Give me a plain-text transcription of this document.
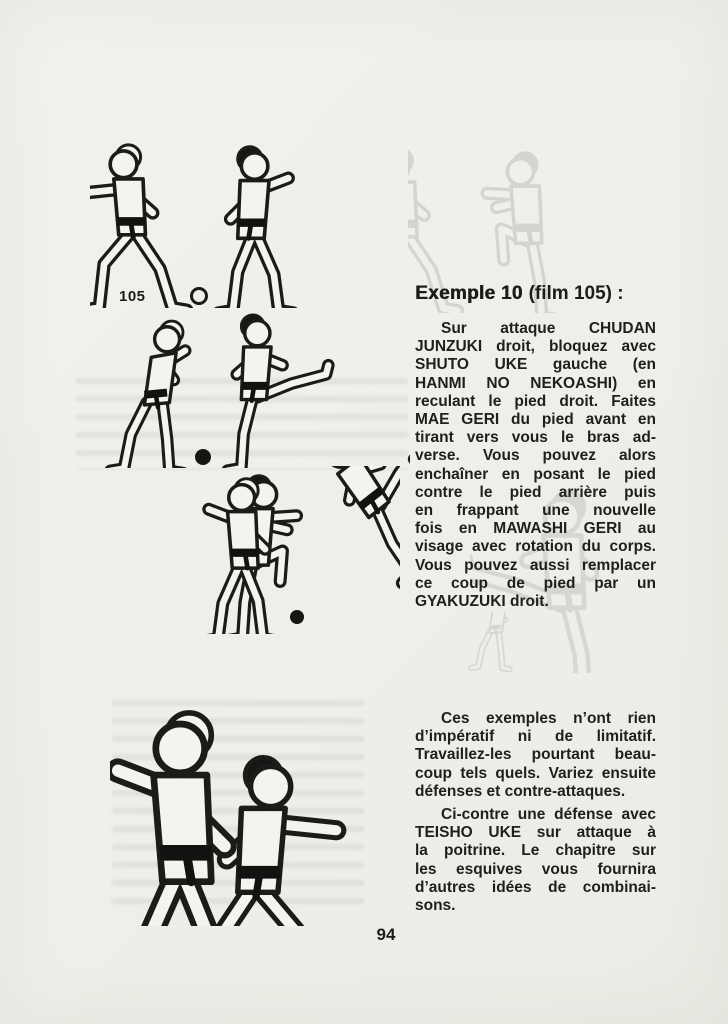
105	Exemple 10 (film 105) :
Sur attaque CHUDAN
JUNZUKI droit, bloquez avec
SHUTO UKE gauche (en
HANMI NO NEKOASHI) en
reculant le pied droit. Faites
MAE GERI du pied avant en
tirant vers vous le bras ad-
verse. Vous pouvez alors
enchaîner en posant le pied
contre le pied arrière puis
en frappant une nouvelle
fois en MAWASHI GERI au
visage avec rotation du corps.
Vous pouvez aussi remplacer
ce coup de pied par un
GYAKUZUKI droit.
Ces exemples n’ont rien
d’impératif ni de limitatif.
Travaillez-les pourtant beau-
coup tels quels. Variez ensuite
défenses et contre-attaques.
Ci-contre une défense avec
TEISHO UKE sur attaque à
la poitrine. Le chapitre sur
les esquives vous fournira
d’autres idées de combinai-
sons.
94
